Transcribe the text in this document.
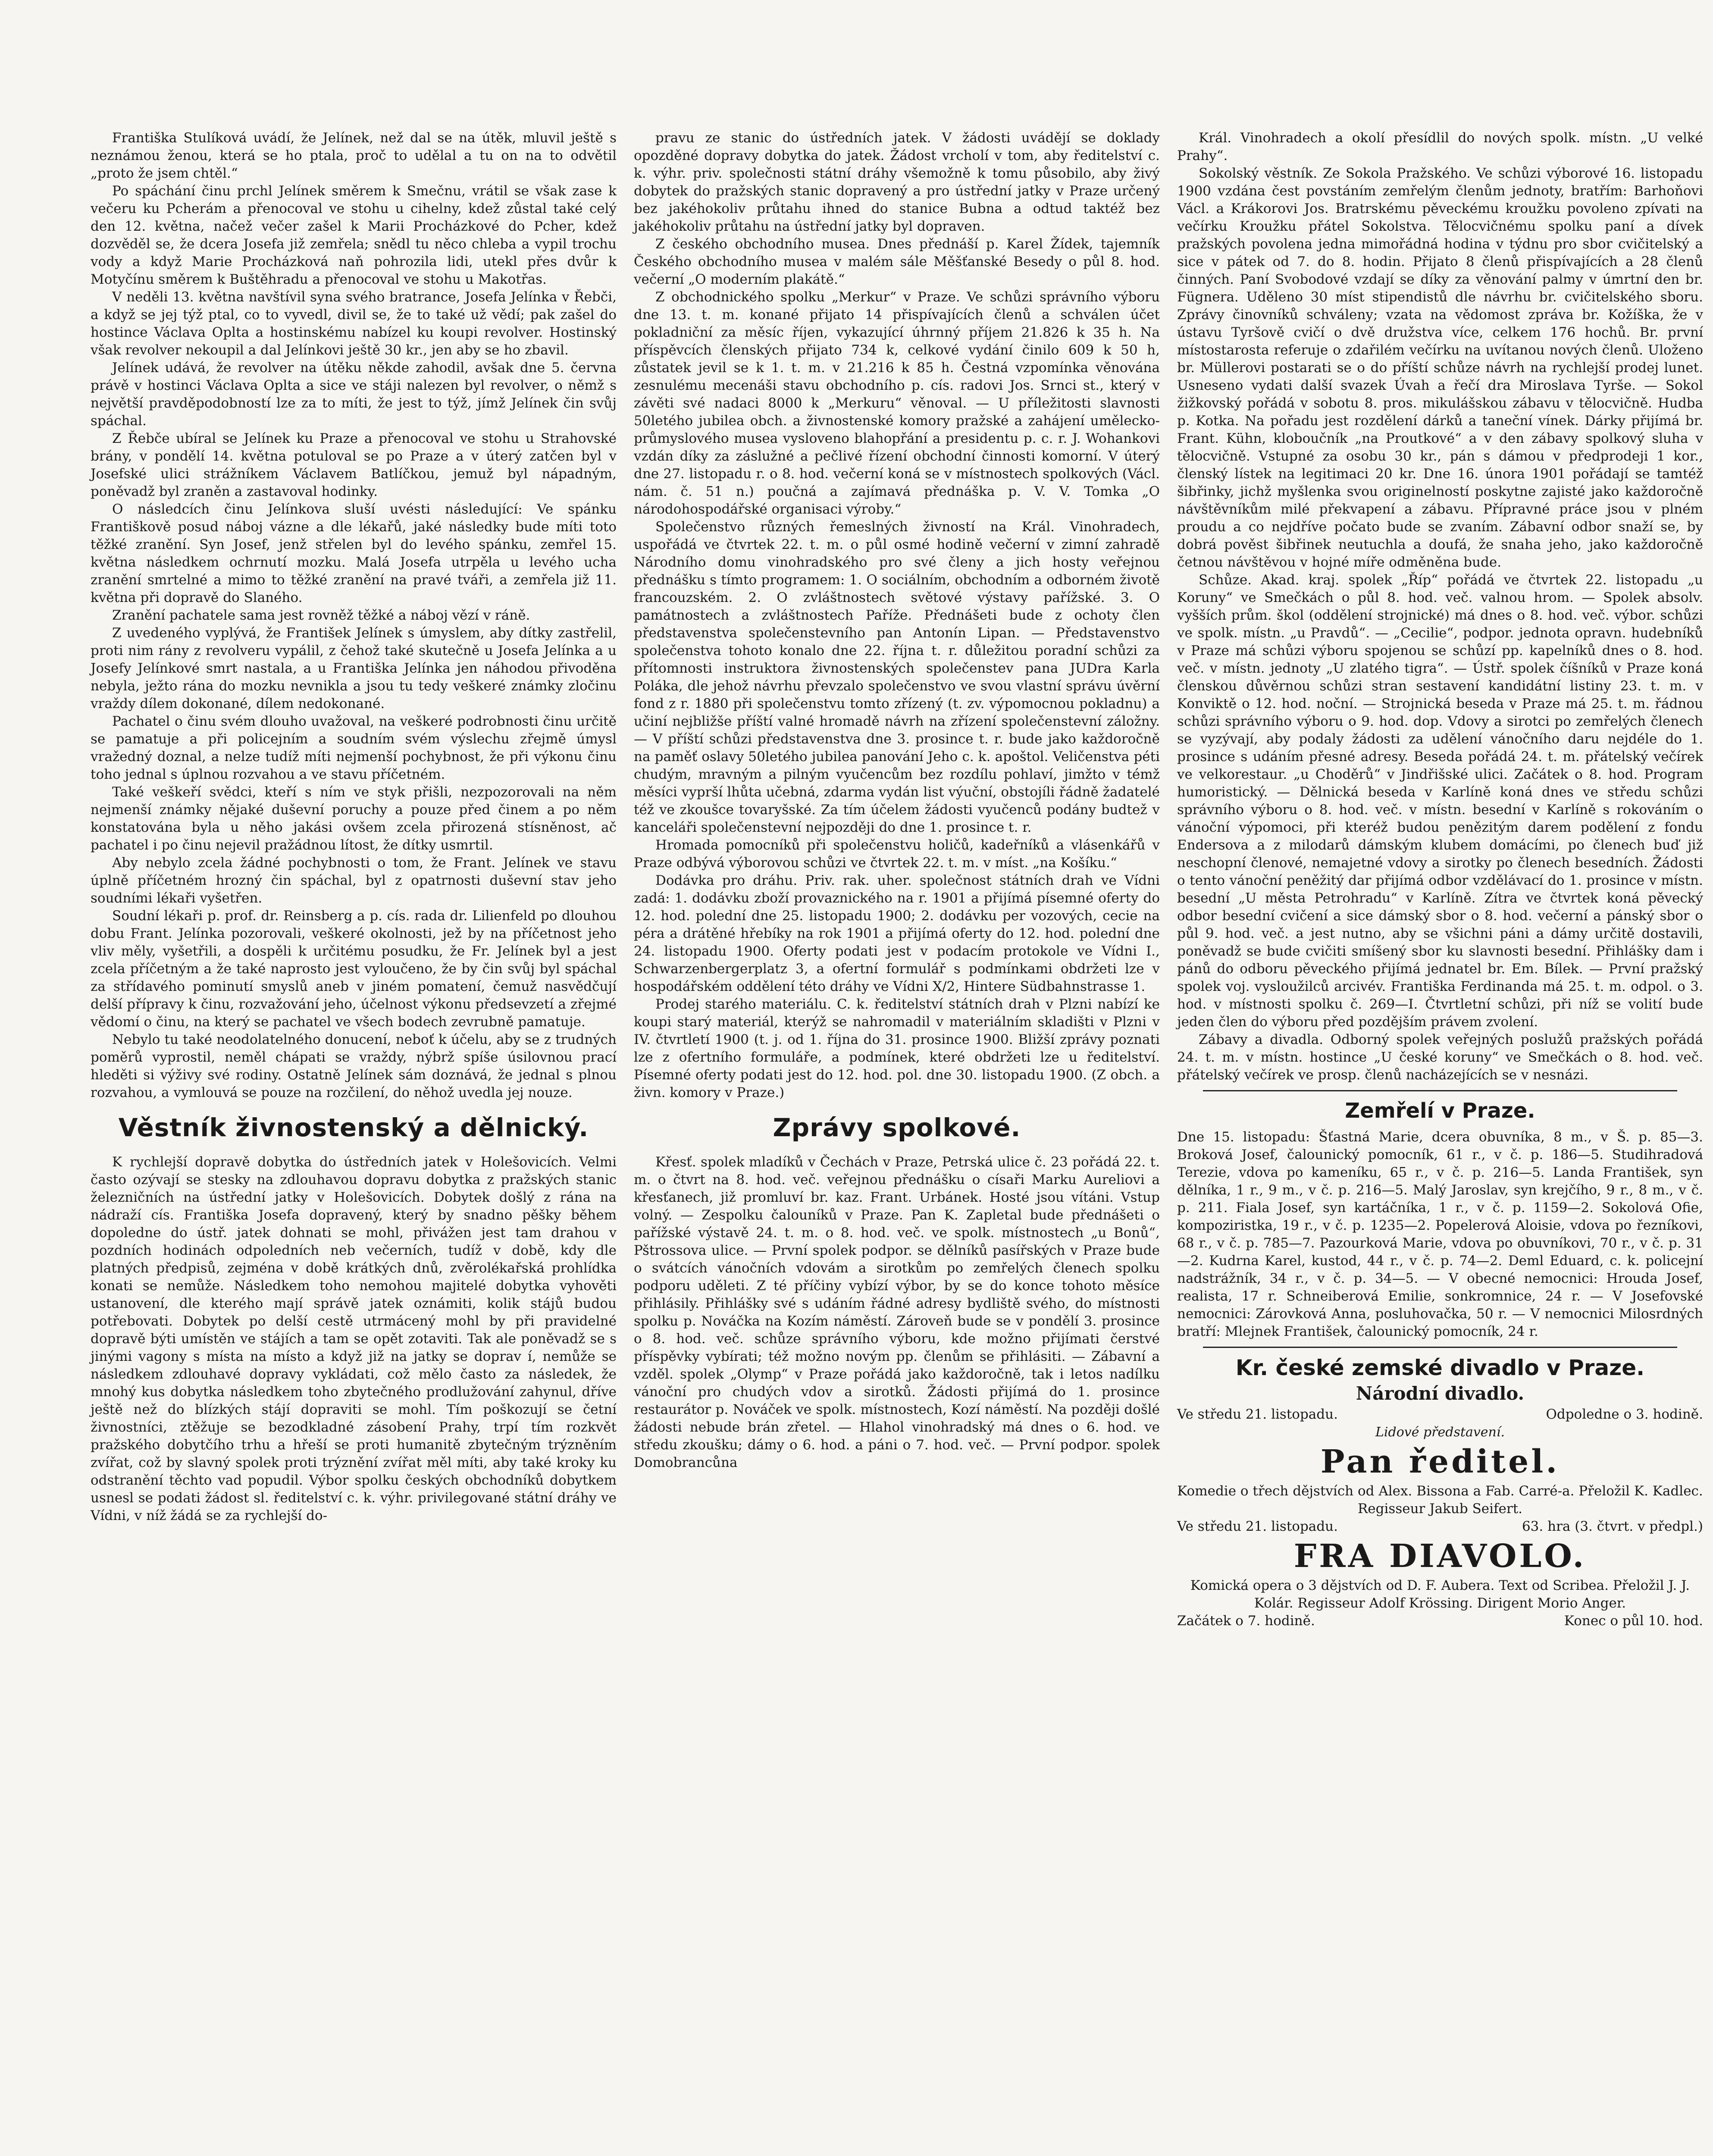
Františka Stulíková uvádí, že Jelínek, než dal se na útěk, mluvil ještě s neznámou ženou, která se ho ptala, proč to udělal a tu on na to odvětil „proto že jsem chtěl.“

Po spáchání činu prchl Jelínek směrem k Smečnu, vrátil se však zase k večeru ku Pcherám a přenocoval ve stohu u cihelny, kdež zůstal také celý den 12. května, načež večer zašel k Marii Procházkové do Pcher, kdež dozvěděl se, že dcera Josefa již zemřela; snědl tu něco chleba a vypil trochu vody a když Marie Procházková naň pohrozila lidi, utekl přes dvůr k Motyčínu směrem k Buštěhradu a přenocoval ve stohu u Makotřas.

V neděli 13. května navštívil syna svého bratrance, Josefa Jelínka v Řebči, a když se jej týž ptal, co to vyvedl, divil se, že to také už vědí; pak zašel do hostince Václava Oplta a hostinskému nabízel ku koupi revolver. Hostinský však revolver nekoupil a dal Jelínkovi ještě 30 kr., jen aby se ho zbavil.

Jelínek udává, že revolver na útěku někde zahodil, avšak dne 5. června právě v hostinci Václava Oplta a sice ve stáji nalezen byl revolver, o němž s největší pravděpodobností lze za to míti, že jest to týž, jímž Jelínek čin svůj spáchal.

Z Řebče ubíral se Jelínek ku Praze a přenocoval ve stohu u Strahovské brány, v pondělí 14. května potuloval se po Praze a v úterý zatčen byl v Josefské ulici strážníkem Václavem Batlíčkou, jemuž byl nápadným, poněvadž byl zraněn a zastavoval hodinky.

O následcích činu Jelínkova sluší uvésti následující: Ve spánku Františkově posud náboj vázne a dle lékařů, jaké následky bude míti toto těžké zranění. Syn Josef, jenž střelen byl do levého spánku, zemřel 15. května následkem ochrnutí mozku. Malá Josefa utrpěla u levého ucha zranění smrtelné a mimo to těžké zranění na pravé tváři, a zemřela již 11. května při dopravě do Slaného.

Zranění pachatele sama jest rovněž těžké a náboj vězí v ráně.

Z uvedeného vyplývá, že František Jelínek s úmyslem, aby dítky zastřelil, proti nim rány z revolveru vypálil, z čehož také skutečně u Josefa Jelínka a u Josefy Jelínkové smrt nastala, a u Františka Jelínka jen náhodou přivoděna nebyla, ježto rána do mozku nevnikla a jsou tu tedy veškeré známky zločinu vraždy dílem dokonané, dílem nedokonané.

Pachatel o činu svém dlouho uvažoval, na veškeré podrobnosti činu určitě se pamatuje a při policejním a soudním svém výslechu zřejmě úmysl vražedný doznal, a nelze tudíž míti nejmenší pochybnost, že při výkonu činu toho jednal s úplnou rozvahou a ve stavu příčetném.

Také veškeří svědci, kteří s ním ve styk přišli, nezpozorovali na něm nejmenší známky nějaké duševní poruchy a pouze před činem a po něm konstatována byla u něho jakási ovšem zcela přirozená stísněnost, ač pachatel i po činu nejevil pražádnou lítost, že dítky usmrtil.

Aby nebylo zcela žádné pochybnosti o tom, že Frant. Jelínek ve stavu úplně příčetném hrozný čin spáchal, byl z opatrnosti duševní stav jeho soudními lékaři vyšetřen.

Soudní lékaři p. prof. dr. Reinsberg a p. cís. rada dr. Lilienfeld po dlouhou dobu Frant. Jelínka pozorovali, veškeré okolnosti, jež by na příčetnost jeho vliv měly, vyšetřili, a dospěli k určitému posudku, že Fr. Jelínek byl a jest zcela příčetným a že také naprosto jest vyloučeno, že by čin svůj byl spáchal za střídavého pominutí smyslů aneb v jiném pomatení, čemuž nasvědčují delší přípravy k činu, rozvažování jeho, účelnost výkonu předsevzetí a zřejmé vědomí o činu, na který se pachatel ve všech bodech zevrubně pamatuje.

Nebylo tu také neodolatelného donucení, neboť k účelu, aby se z trudných poměrů vyprostil, neměl chápati se vraždy, nýbrž spíše úsilovnou prací hleděti si výživy své rodiny. Ostatně Jelínek sám doznává, že jednal s plnou rozvahou, a vymlouvá se pouze na rozčilení, do něhož uvedla jej nouze.

Věstník živnostenský a dělnický.

K rychlejší dopravě dobytka do ústředních jatek v Holešovicích. Velmi často ozývají se stesky na zdlouhavou dopravu dobytka z pražských stanic železničních na ústřední jatky v Holešovicích. Dobytek došlý z rána na nádraží cís. Františka Josefa dopravený, který by snadno pěšky během dopoledne do ústř. jatek dohnati se mohl, přivážen jest tam drahou v pozdních hodinách odpoledních neb večerních, tudíž v době, kdy dle platných předpisů, zejména v době krátkých dnů, zvěrolékařská prohlídka konati se nemůže. Následkem toho nemohou majitelé dobytka vyhověti ustanovení, dle kterého mají správě jatek oznámiti, kolik stájů budou potřebovati. Dobytek po delší cestě utrmácený mohl by při pravidelné dopravě býti umístěn ve stájích a tam se opět zotaviti. Tak ale poněvadž se s jinými vagony s místa na místo a když již na jatky se doprav í, nemůže se následkem zdlouhavé dopravy vykládati, což mělo často za následek, že mnohý kus dobytka následkem toho zbytečného prodlužování zahynul, dříve ještě než do blízkých stájí dopraviti se mohl. Tím poškozují se četní živnostníci, ztěžuje se bezodkladné zásobení Prahy, trpí tím rozkvět pražského dobytčího trhu a hřeší se proti humanitě zbytečným trýzněním zvířat, což by slavný spolek proti trýznění zvířat měl míti, aby také kroky ku odstranění těchto vad popudil. Výbor spolku českých obchodníků dobytkem usnesl se podati žádost sl. ředitelství c. k. výhr. privilegované státní dráhy ve Vídni, v níž žádá se za rychlejší do-

pravu ze stanic do ústředních jatek. V žádosti uvádějí se doklady opozděné dopravy dobytka do jatek. Žádost vrcholí v tom, aby ředitelství c. k. výhr. priv. společnosti státní dráhy všemožně k tomu působilo, aby živý dobytek do pražských stanic dopravený a pro ústřední jatky v Praze určený bez jakéhokoliv průtahu ihned do stanice Bubna a odtud taktéž bez jakéhokoliv průtahu na ústřední jatky byl dopraven.

Z českého obchodního musea. Dnes přednáší p. Karel Žídek, tajemník Českého obchodního musea v malém sále Měšťanské Besedy o půl 8. hod. večerní „O moderním plakátě.“

Z obchodnického spolku „Merkur“ v Praze. Ve schůzi správního výboru dne 13. t. m. konané přijato 14 přispívajících členů a schválen účet pokladniční za měsíc říjen, vykazující úhrnný příjem 21.826 k 35 h. Na příspěvcích členských přijato 734 k, celkové vydání činilo 609 k 50 h, zůstatek jevil se k 1. t. m. v 21.216 k 85 h. Čestná vzpomínka věnována zesnulému mecenáši stavu obchodního p. cís. radovi Jos. Srnci st., který v závěti své nadaci 8000 k „Merkuru“ věnoval. — U příležitosti slavnosti 50letého jubilea obch. a živnostenské komory pražské a zahájení umělecko-průmyslového musea vysloveno blahopřání a presidentu p. c. r. J. Wohankovi vzdán díky za záslužné a pečlivé řízení obchodní činnosti komorní. V úterý dne 27. listopadu r. o 8. hod. večerní koná se v místnostech spolkových (Václ. nám. č. 51 n.) poučná a zajímavá přednáška p. V. V. Tomka „O národohospodářské organisaci výroby.“

Společenstvo různých řemeslných živností na Král. Vinohradech, uspořádá ve čtvrtek 22. t. m. o půl osmé hodině večerní v zimní zahradě Národního domu vinohradského pro své členy a jich hosty veřejnou přednášku s tímto programem: 1. O sociálním, obchodním a odborném životě francouzském. 2. O zvláštnostech světové výstavy pařížské. 3. O památnostech a zvláštnostech Paříže. Přednášeti bude z ochoty člen představenstva společenstevního pan Antonín Lipan. — Představenstvo společenstva tohoto konalo dne 22. října t. r. důležitou poradní schůzi za přítomnosti instruktora živnostenských společenstev pana JUDra Karla Poláka, dle jehož návrhu převzalo společenstvo ve svou vlastní správu úvěrní fond z r. 1880 při společenstvu tomto zřízený (t. zv. výpomocnou pokladnu) a učiní nejbližše příští valné hromadě návrh na zřízení společenstevní záložny. — V příští schůzi představenstva dne 3. prosince t. r. bude jako každoročně na paměť oslavy 50letého jubilea panování Jeho c. k. apoštol. Veličenstva péti chudým, mravným a pilným vyučencům bez rozdílu pohlaví, jimžto v témž měsíci vyprší lhůta učebná, zdarma vydán list výuční, obstojíli řádně žadatelé též ve zkoušce tovaryšské. Za tím účelem žádosti vyučenců podány budtež v kanceláři společenstevní nejpozději do dne 1. prosince t. r.

Hromada pomocníků při společenstvu holičů, kadeřníků a vlásenkářů v Praze odbývá výborovou schůzi ve čtvrtek 22. t. m. v míst. „na Košíku.“

Dodávka pro dráhu. Priv. rak. uher. společnost státních drah ve Vídni zadá: 1. dodávku zboží provaznického na r. 1901 a přijímá písemné oferty do 12. hod. polední dne 25. listopadu 1900; 2. dodávku per vozových, cecie na péra a drátěné hřebíky na rok 1901 a přijímá oferty do 12. hod. polední dne 24. listopadu 1900. Oferty podati jest v podacím protokole ve Vídni I., Schwarzenbergerplatz 3, a ofertní formulář s podmínkami obdržeti lze v hospodářském oddělení této dráhy ve Vídni X/2, Hintere Südbahnstrasse 1.

Prodej starého materiálu. C. k. ředitelství státních drah v Plzni nabízí ke koupi starý materiál, kterýž se nahromadil v materiálním skladišti v Plzni v IV. čtvrtletí 1900 (t. j. od 1. října do 31. prosince 1900. Bližší zprávy poznati lze z ofertního formuláře, a podmínek, které obdržeti lze u ředitelství. Písemné oferty podati jest do 12. hod. pol. dne 30. listopadu 1900. (Z obch. a živn. komory v Praze.)

Zprávy spolkové.

Křesť. spolek mladíků v Čechách v Praze, Petrská ulice č. 23 pořádá 22. t. m. o čtvrt na 8. hod. več. veřejnou přednášku o císaři Marku Aureliovi a křesťanech, již promluví br. kaz. Frant. Urbánek. Hosté jsou vítáni. Vstup volný. — Zespolku čalouníků v Praze. Pan K. Zapletal bude přednášeti o pařížské výstavě 24. t. m. o 8. hod. več. ve spolk. místnostech „u Bonů“, Pštrossova ulice. — První spolek podpor. se dělníků pasířských v Praze bude o svátcích vánočních vdovám a sirotkům po zemřelých členech spolku podporu uděleti. Z té příčiny vybízí výbor, by se do konce tohoto měsíce přihlásily. Přihlášky své s udáním řádné adresy bydliště svého, do místnosti spolku p. Nováčka na Kozím náměstí. Zároveň bude se v pondělí 3. prosince o 8. hod. več. schůze správního výboru, kde možno přijímati čerstvé příspěvky vybírati; též možno novým pp. členům se přihlásiti. — Zábavní a vzděl. spolek „Olymp“ v Praze pořádá jako každoročně, tak i letos nadílku vánoční pro chudých vdov a sirotků. Žádosti přijímá do 1. prosince restaurátor p. Nováček ve spolk. místnostech, Kozí náměstí. Na později došlé žádosti nebude brán zřetel. — Hlahol vinohradský má dnes o 6. hod. ve středu zkoušku; dámy o 6. hod. a páni o 7. hod. več. — První podpor. spolek Domobrancůna

Král. Vinohradech a okolí přesídlil do nových spolk. místn. „U velké Prahy“.

Sokolský věstník. Ze Sokola Pražského. Ve schůzi výborové 16. listopadu 1900 vzdána čest povstáním zemřelým členům jednoty, bratřím: Barhoňovi Václ. a Krákorovi Jos. Bratrskému pěveckému kroužku povoleno zpívati na večírku Kroužku přátel Sokolstva. Tělocvičnému spolku paní a dívek pražských povolena jedna mimořádná hodina v týdnu pro sbor cvičitelský a sice v pátek od 7. do 8. hodin. Přijato 8 členů přispívajících a 28 členů činných. Paní Svobodové vzdají se díky za věnování palmy v úmrtní den br. Fügnera. Udělenо 30 míst stipendistů dle návrhu br. cvičitelského sboru. Zprávy činovníků schváleny; vzata na vědomost zpráva br. Kožíška, že v ústavu Tyršově cvičí o dvě družstva více, celkem 176 hochů. Br. první místostarosta referuje o zdařilém večírku na uvítanou nových členů. Uloženo br. Müllerovi postarati se o do příští schůze návrh na rychlejší prodej lunet. Usneseno vydati další svazek Úvah a řečí dra Miroslava Tyrše. — Sokol žižkovský pořádá v sobotu 8. pros. mikulášskou zábavu v tělocvičně. Hudba p. Kotka. Na pořadu jest rozdělení dárků a taneční vínek. Dárky přijímá br. Frant. Kühn, kloboučník „na Proutkové“ a v den zábavy spolkový sluha v tělocvičně. Vstupné za osobu 30 kr., pán s dámou v předprodeji 1 kor., členský lístek na legitimaci 20 kr. Dne 16. února 1901 pořádají se tamtéž šibřinky, jichž myšlenka svou originelností poskytne zajisté jako každoročně návštěvníkům milé překvapení a zábavu. Přípravné práce jsou v plném proudu a co nejdříve počato bude se zvaním. Zábavní odbor snaží se, by dobrá pověst šibřinek neutuchla a doufá, že snaha jeho, jako každoročně četnou návštěvou v hojné míře odměněna bude.

Schůze. Akad. kraj. spolek „Říp“ pořádá ve čtvrtek 22. listopadu „u Koruny“ ve Smečkách o půl 8. hod. več. valnou hrom. — Spolek absolv. vyšších prům. škol (oddělení strojnické) má dnes o 8. hod. več. výbor. schůzi ve spolk. místn. „u Pravdů“. — „Cecilie“, podpor. jednota opravn. hudebníků v Praze má schůzi výboru spojenou se schůzí pp. kapelníků dnes o 8. hod. več. v místn. jednoty „U zlatého tigra“. — Ústř. spolek číšníků v Praze koná členskou důvěrnou schůzi stran sestavení kandidátní listiny 23. t. m. v Konviktě o 12. hod. noční. — Strojnická beseda v Praze má 25. t. m. řádnou schůzi správního výboru o 9. hod. dop. Vdovy a sirotci po zemřelých členech se vyzývají, aby podaly žádosti za udělení vánočního daru nejdéle do 1. prosince s udáním přesné adresy. Beseda pořádá 24. t. m. přátelský večírek ve velkorestaur. „u Choděrů“ v Jindřišské ulici. Začátek o 8. hod. Program humoristický. — Dělnická beseda v Karlíně koná dnes ve středu schůzi správního výboru o 8. hod. več. v místn. besední v Karlíně s rokováním o vánoční výpomoci, při kteréž budou penězitým darem podělení z fondu Endersova a z milodarů dámským klubem domácími, po členech buď již neschopní členové, nemajetné vdovy a sirotky po členech besedních. Žádosti o tento vánoční peněžitý dar přijímá odbor vzdělávací do 1. prosince v místn. besední „U města Petrohradu“ v Karlíně. Zítra ve čtvrtek koná pěvecký odbor besední cvičení a sice dámský sbor o 8. hod. večerní a pánský sbor o půl 9. hod. več. a jest nutno, aby se všichni páni a dámy určitě dostavili, poněvadž se bude cvičiti smíšený sbor ku slavnosti besední. Přihlášky dam i pánů do odboru pěveckého přijímá jednatel br. Em. Bílek. — První pražský spolek voj. vysloužilců arcivév. Františka Ferdinanda má 25. t. m. odpol. o 3. hod. v místnosti spolku č. 269—I. Čtvrtletní schůzi, při níž se volití bude jeden člen do výboru před pozdějším právem zvolení.

Zábavy a divadla. Odborný spolek veřejných poslužů pražských pořádá 24. t. m. v místn. hostince „U české koruny“ ve Smečkách o 8. hod. več. přátelský večírek ve prosp. členů nacházejících se v nesnázi.

Zemřelí v Praze.

Dne 15. listopadu: Šťastná Marie, dcera obuvníka, 8 m., v Š. p. 85—3. Broková Josef, čalounický pomocník, 61 r., v č. p. 186—5. Studihradová Terezie, vdova po kameníku, 65 r., v č. p. 216—5. Landa František, syn dělníka, 1 r., 9 m., v č. p. 216—5. Malý Jaroslav, syn krejčího, 9 r., 8 m., v č. p. 211. Fiala Josef, syn kartáčníka, 1 r., v č. p. 1159—2. Sokolová Ofie, kompoziristka, 19 r., v č. p. 1235—2. Popelerová Aloisie, vdova po řezníkovi, 68 r., v č. p. 785—7. Pazourková Marie, vdova po obuvníkovi, 70 r., v č. p. 31—2. Kudrna Karel, kustod, 44 r., v č. p. 74—2. Deml Eduard, c. k. policejní nadstrážník, 34 r., v č. p. 34—5. — V obecné nemocnici: Hrouda Josef, realista, 17 r. Schneiberová Emilie, sonkromnice, 24 r. — V Josefovské nemocnici: Zárovková Anna, posluhovačka, 50 r. — V nemocnici Milosrdných bratří: Mlejnek František, čalounický pomocník, 24 r.

Kr. české zemské divadlo v Praze.
Národní divadlo.
Ve středu 21. listopadu.	Odpoledne o 3. hodině.
Lidové představení.
Pan ředitel.

Komedie o třech dějstvích od Alex. Bissona a Fab. Carré-a. Přeložil K. Kadlec. Regisseur Jakub Seifert.

Ve středu 21. listopadu.	63. hra (3. čtvrt. v předpl.)
FRA DIAVOLO.

Komická opera o 3 dějstvích od D. F. Aubera. Text od Scribea. Přeložil J. J. Kolár. Regisseur Adolf Krössing. Dirigent Morio Anger.

Začátek o 7. hodině.	Konec o půl 10. hod.
